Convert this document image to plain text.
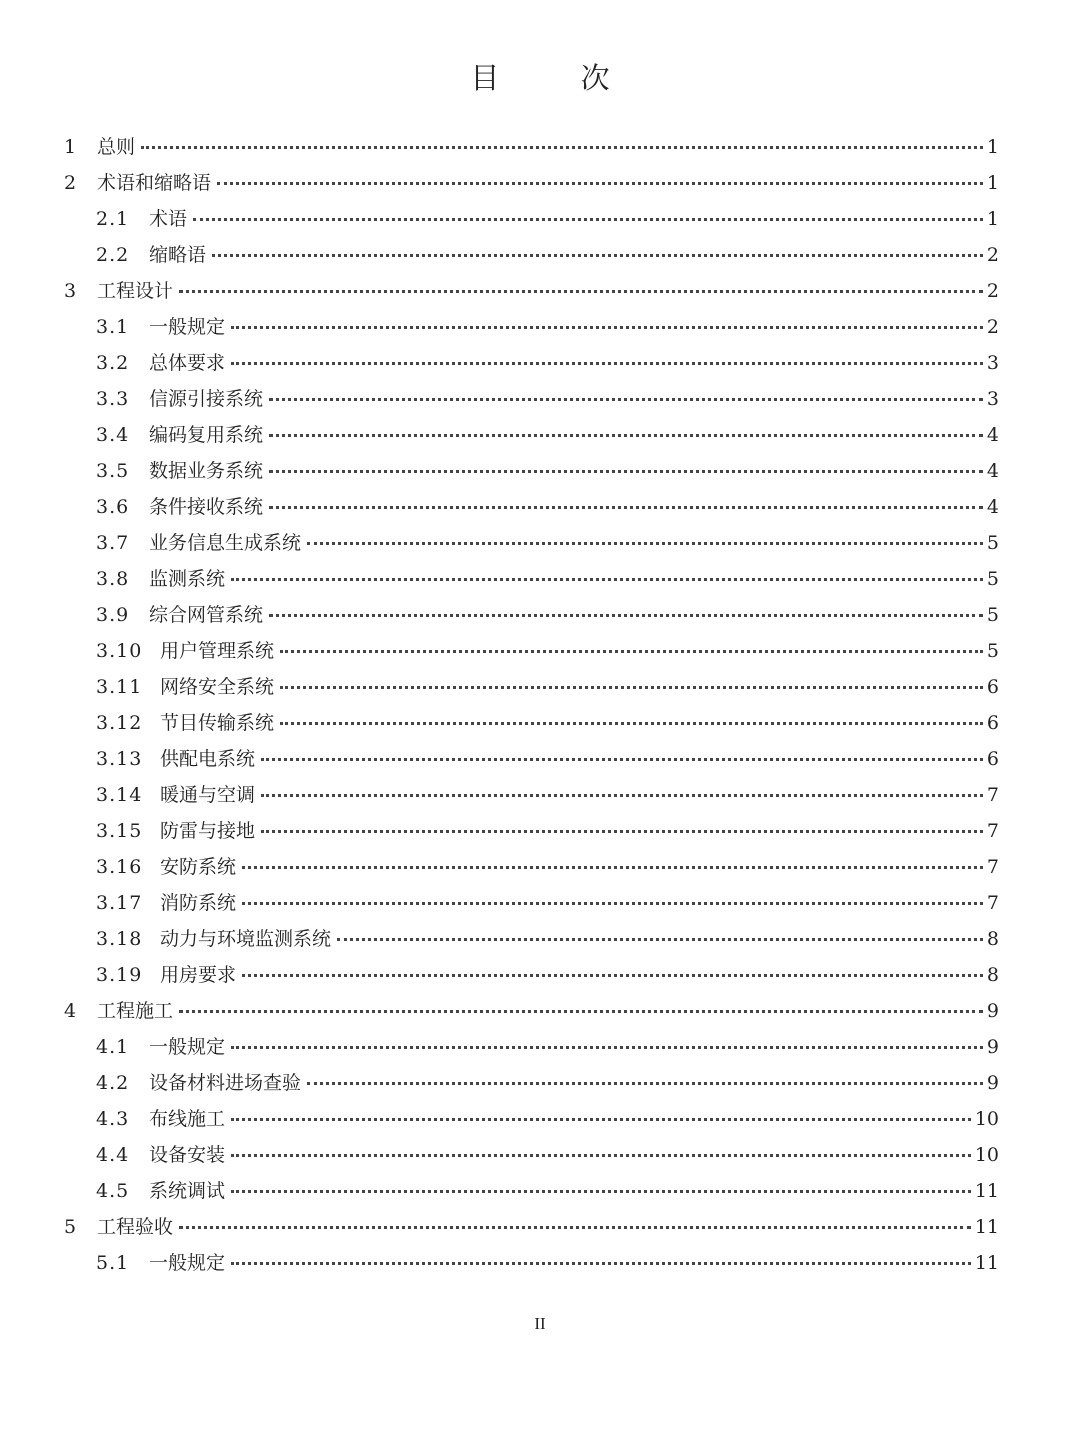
目 次
1	总则	1
2	术语和缩略语	1
2.1	术语	1
2.2	缩略语	2
3	工程设计	2
3.1	一般规定	2
3.2	总体要求	3
3.3	信源引接系统	3
3.4	编码复用系统	4
3.5	数据业务系统	4
3.6	条件接收系统	4
3.7	业务信息生成系统	5
3.8	监测系统	5
3.9	综合网管系统	5
3.10 用户管理系统	5
3.11 网络安全系统	6
3.12 节目传输系统	6
3.13 供配电系统	6
3.14 暖通与空调	7
3.15 防雷与接地	7
3.16 安防系统	7
3.17 消防系统	7
3.18 动力与环境监测系统	8
3.19 用房要求	8
4	工程施工	9
4.1	一般规定	9
4.2	设备材料进场查验	9
4.3	布线施工	10
4.4	设备安装	10
4.5	系统调试	11
5	工程验收	11
5.1	一般规定	11
II
